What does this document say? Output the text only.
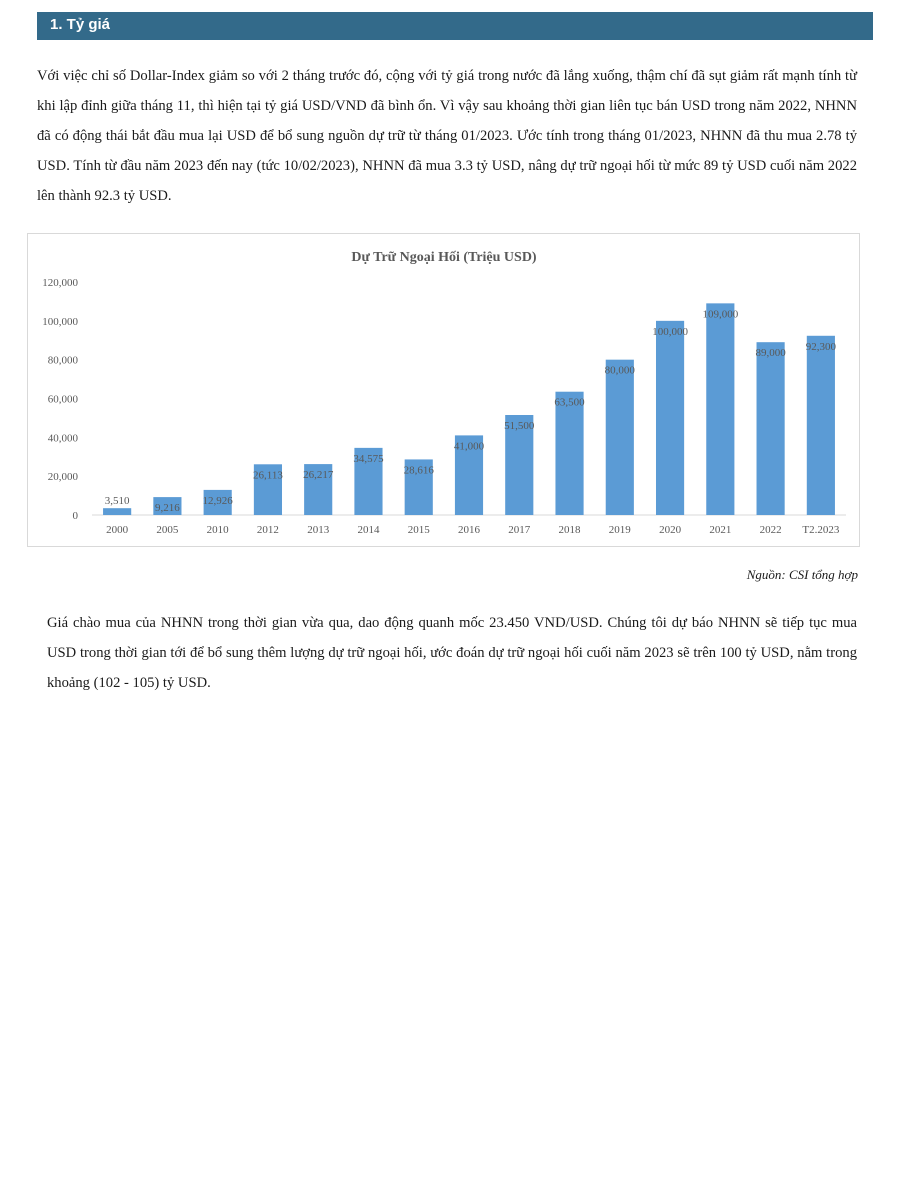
1. Tỷ giá

Với việc chỉ số Dollar-Index giảm so với 2 tháng trước đó, cộng với tỷ giá trong nước đã lắng xuống, thậm chí đã sụt giảm rất mạnh tính từ khi lập đỉnh giữa tháng 11, thì hiện tại tỷ giá USD/VND đã bình ổn. Vì vậy sau khoảng thời gian liên tục bán USD trong năm 2022, NHNN đã có động thái bắt đầu mua lại USD để bổ sung nguồn dự trữ từ tháng 01/2023. Ước tính trong tháng 01/2023, NHNN đã thu mua 2.78 tỷ USD. Tính từ đầu năm 2023 đến nay (tức 10/02/2023), NHNN đã mua 3.3 tỷ USD, nâng dự trữ ngoại hối từ mức 89 tỷ USD cuối năm 2022 lên thành 92.3 tỷ USD.

Dự Trữ Ngoại Hối (Triệu USD)
120,000
100,000
80,000
60,000
40,000
20,000
0
3,510
2000
9,216
2005
12,926
2010
26,113
2012
26,217
2013
34,575
2014
28,616
2015
41,000
2016
51,500
2017
63,500
2018
80,000
2019
100,000
2020
109,000
2021
89,000
2022
92,300
T2.2023
Nguồn: CSI tổng hợp

Giá chào mua của NHNN trong thời gian vừa qua, dao động quanh mốc 23.450 VND/USD. Chúng tôi dự báo NHNN sẽ tiếp tục mua USD trong thời gian tới để bổ sung thêm lượng dự trữ ngoại hối, ước đoán dự trữ ngoại hối cuối năm 2023 sẽ trên 100 tỷ USD, nằm trong khoảng (102 - 105) tỷ USD.
